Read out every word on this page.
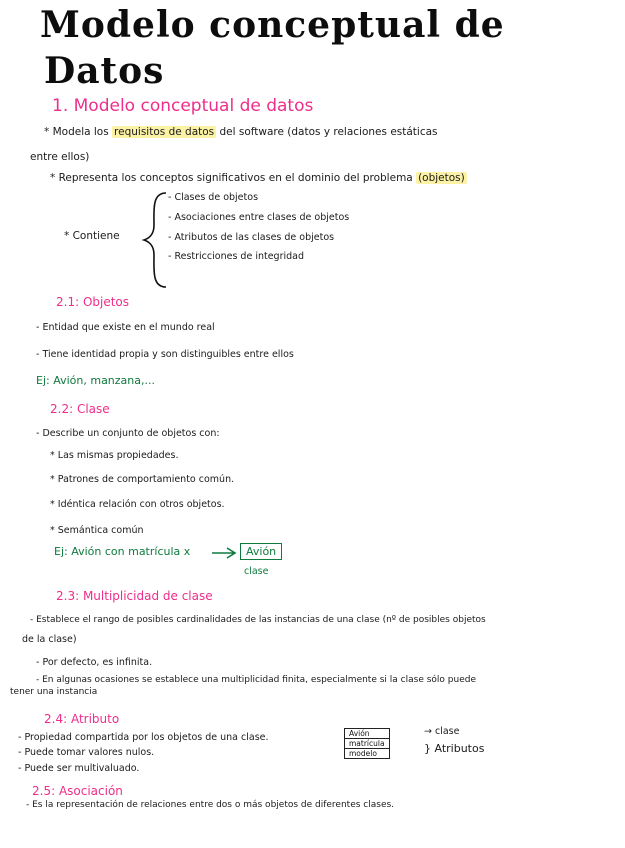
Modelo conceptual de
Datos
1. Modelo conceptual de datos
* Modela los requisitos de datos del software (datos y relaciones estáticas
entre ellos)
* Representa los conceptos significativos en el dominio del problema (objetos)
* Contiene
- Clases de objetos
- Asociaciones entre clases de objetos
- Atributos de las clases de objetos
- Restricciones de integridad
2.1: Objetos
- Entidad que existe en el mundo real
- Tiene identidad propia y son distinguibles entre ellos
Ej: Avión, manzana,...
2.2: Clase
- Describe un conjunto de objetos con:
* Las mismas propiedades.
* Patrones de comportamiento común.
* Idéntica relación con otros objetos.
* Semántica común
Ej: Avión con matrícula x	Avión
clase
2.3: Multiplicidad de clase
- Establece el rango de posibles cardinalidades de las instancias de una clase (nº de posibles objetos
de la clase)
- Por defecto, es infinita.
- En algunas ocasiones se establece una multiplicidad finita, especialmente si la clase sólo puede
tener una instancia
2.4: Atributo
- Propiedad compartida por los objetos de una clase.
- Puede tomar valores nulos.
- Puede ser multivaluado.
Avión
matrícula
modelo
→ clase
} Atributos
2.5: Asociación
- Es la representación de relaciones entre dos o más objetos de diferentes clases.
